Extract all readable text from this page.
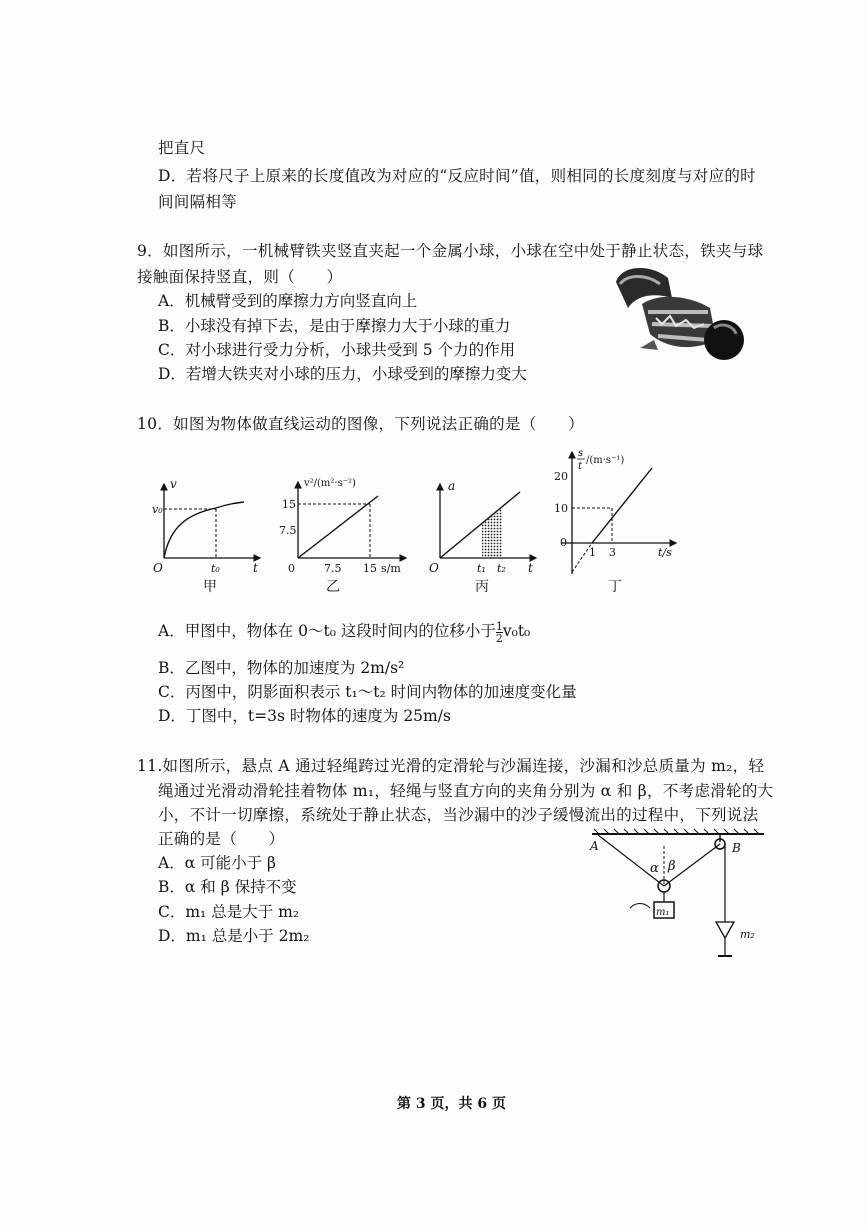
把直尺
D．若将尺子上原来的长度值改为对应的“反应时间”值，则相同的长度刻度与对应的时
间间隔相等
9．如图所示，一机械臂铁夹竖直夹起一个金属小球，小球在空中处于静止状态，铁夹与球
接触面保持竖直，则（　　）
A．机械臂受到的摩擦力方向竖直向上
B．小球没有掉下去，是由于摩擦力大于小球的重力
C．对小球进行受力分析，小球共受到 5 个力的作用
D．若增大铁夹对小球的压力，小球受到的摩擦力变大
10．如图为物体做直线运动的图像，下列说法正确的是（　　）
v
v₀
O	t₀	t
甲
v²/(m²·s⁻²)
15
7.5
0	7.5 15 s/m
乙
a
O	t₁ t₂ t
丙
s
t
/(m·s⁻¹)
20
10
0
1 3	t/s
丁
A．甲图中，物体在 0～t₀ 这段时间内的位移小于 $\frac{1}{2} v_0t_0$
B．乙图中，物体的加速度为 2m/s²
C．丙图中，阴影面积表示 t₁～t₂ 时间内物体的加速度变化量
D．丁图中，t=3s 时物体的速度为 25m/s
11.如图所示，悬点 A 通过轻绳跨过光滑的定滑轮与沙漏连接，沙漏和沙总质量为 m₂，轻
绳通过光滑动滑轮挂着物体 m₁，轻绳与竖直方向的夹角分别为 α 和 β，不考虑滑轮的大
小，不计一切摩擦，系统处于静止状态，当沙漏中的沙子缓慢流出的过程中，下列说法
正确的是（　　）
A．α 可能小于 β
B．α 和 β 保持不变
C．m₁ 总是大于 m₂
D．m₁ 总是小于 2m₂
A	B
α β
m₁
m₂
第 3 页，共 6 页
